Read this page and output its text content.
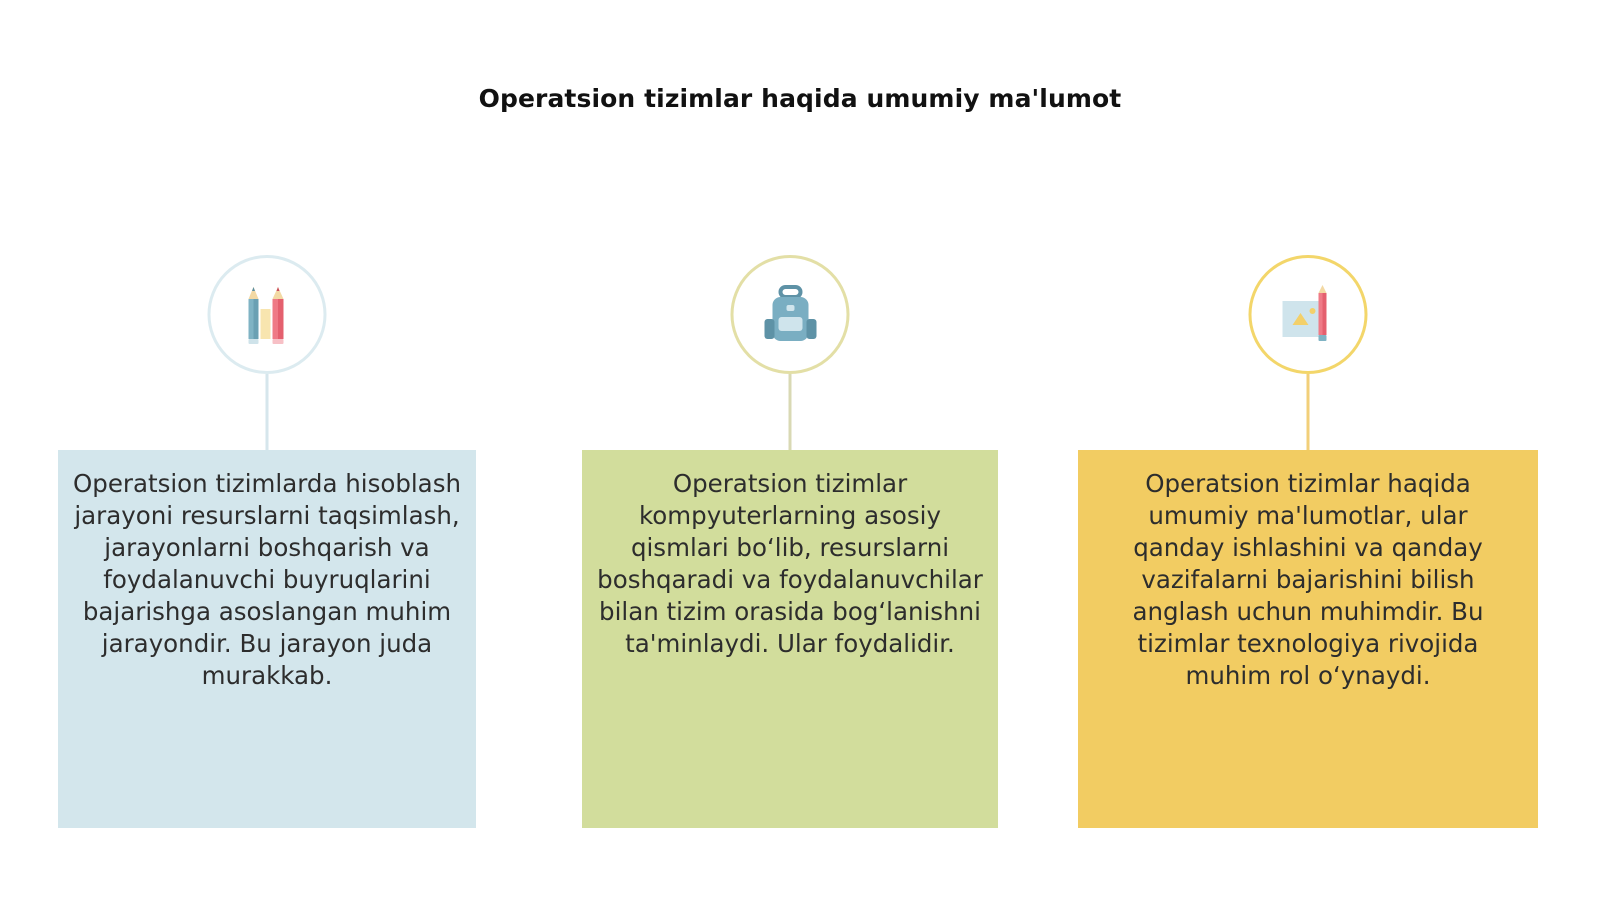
Operatsion tizimlar haqida umumiy ma'lumot
Operatsion tizimlarda hisoblash jarayoni resurslarni taqsimlash, jarayonlarni boshqarish va foydalanuvchi buyruqlarini bajarishga asoslangan muhim jarayondir. Bu jarayon juda murakkab.
Operatsion tizimlar kompyuterlarning asosiy qismlari bo‘lib, resurslarni boshqaradi va foydalanuvchilar bilan tizim orasida bog‘lanishni ta'minlaydi. Ular foydalidir.
Operatsion tizimlar haqida umumiy ma'lumotlar, ular qanday ishlashini va qanday vazifalarni bajarishini bilish anglash uchun muhimdir. Bu tizimlar texnologiya rivojida muhim rol o‘ynaydi.
